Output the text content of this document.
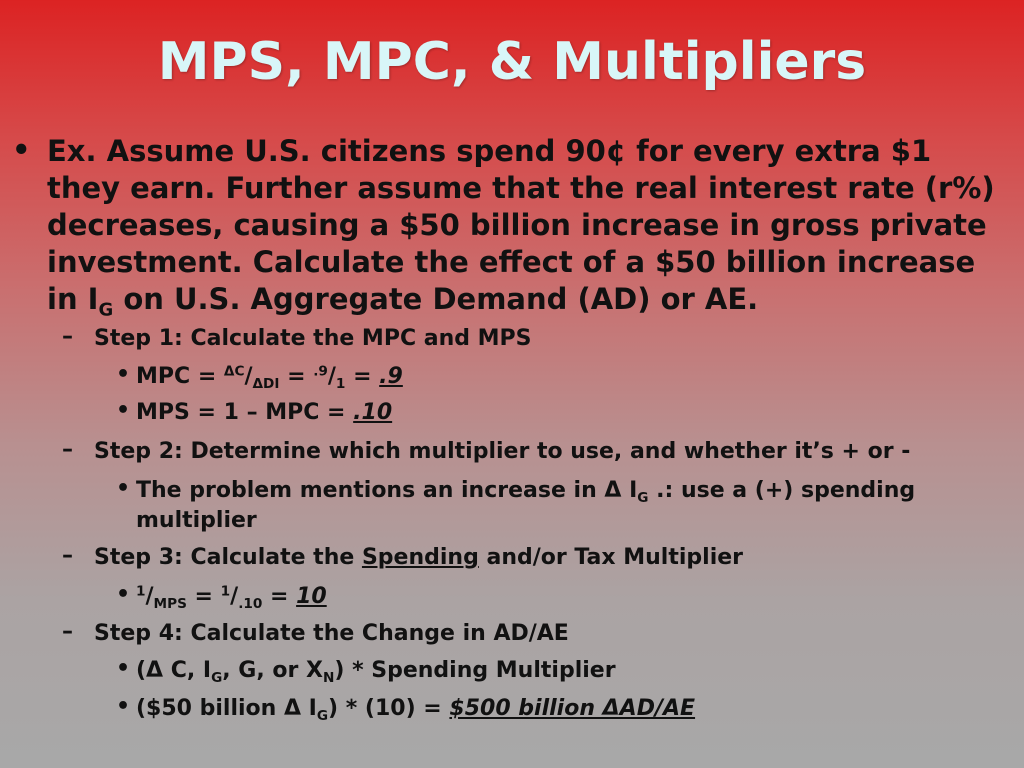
MPS, MPC, & Multipliers
• Ex. Assume U.S. citizens spend 90¢ for every extra $1 they earn. Further assume that the real interest rate (r%) decreases, causing a $50 billion increase in gross private investment. Calculate the effect of a $50 billion increase in $I_G$ on U.S. Aggregate Demand (AD) or AE.
– Step 1: Calculate the MPC and MPS
• MPC = $^{\Delta C}/_{\Delta DI} = ^{.9}/_1 = .9$
• MPS = 1 – MPC = .10
– Step 2: Determine which multiplier to use, and whether it’s + or -
• The problem mentions an increase in Δ $I_G$ .: use a (+) spending multiplier
– Step 3: Calculate the Spending and/or Tax Multiplier
• $^1/_{MPS} = ^1/_{.10} = 10$
– Step 4: Calculate the Change in AD/AE
• (Δ C, $I_G$, G, or $X_N$) * Spending Multiplier
• ($50 billion Δ $I_G) * (10)$ = $500 billion ΔAD/AE
